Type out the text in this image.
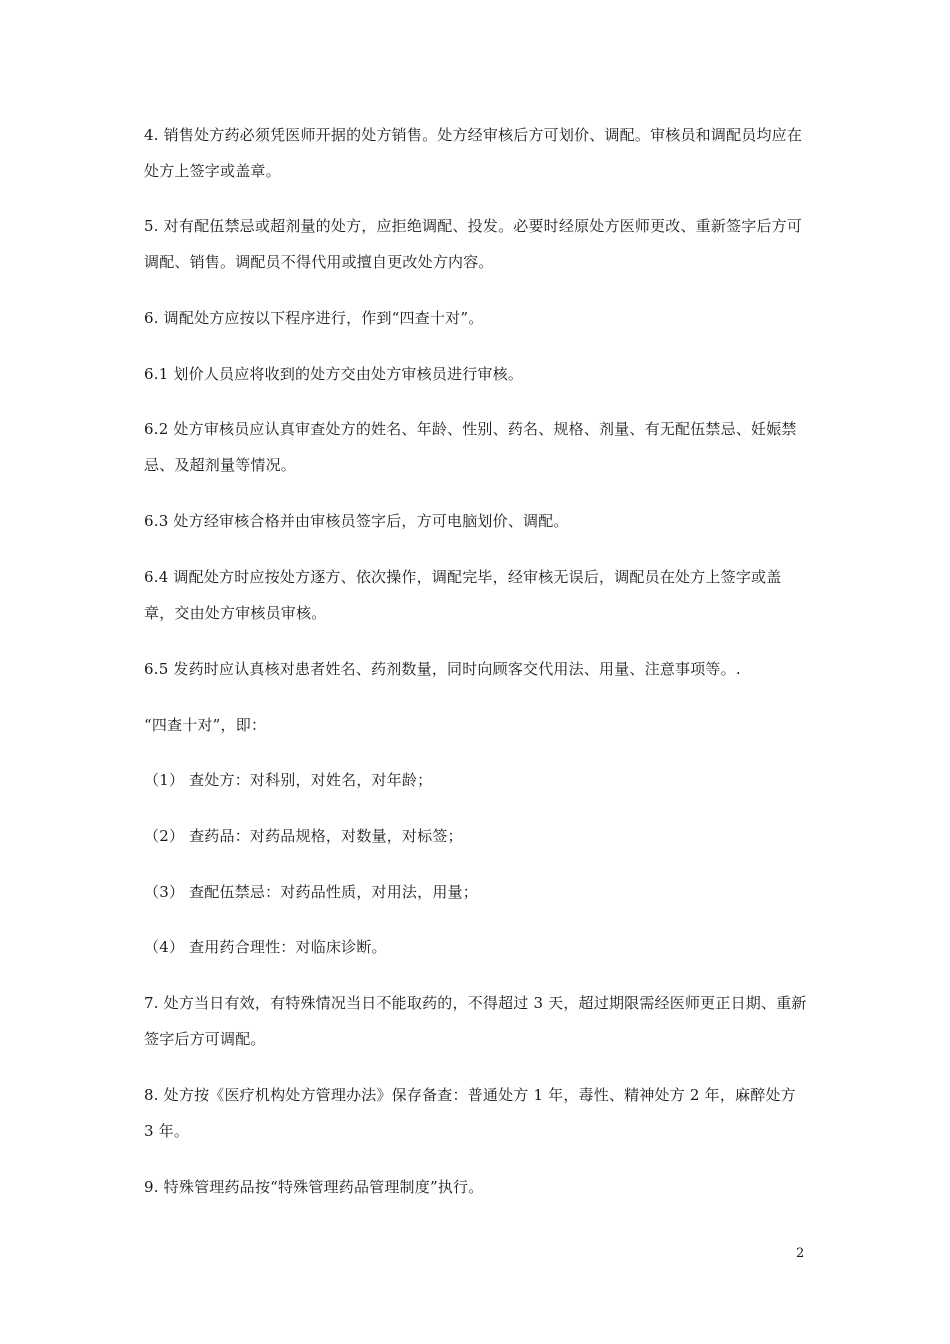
4. 销售处方药必须凭医师开据的处方销售。处方经审核后方可划价、调配。审核员和调配员均应在处方上签字或盖章。

5. 对有配伍禁忌或超剂量的处方，应拒绝调配、投发。必要时经原处方医师更改、重新签字后方可调配、销售。调配员不得代用或擅自更改处方内容。

6. 调配处方应按以下程序进行，作到“四查十对”。

6.1 划价人员应将收到的处方交由处方审核员进行审核。

6.2 处方审核员应认真审查处方的姓名、年龄、性别、药名、规格、剂量、有无配伍禁忌、妊娠禁忌、及超剂量等情况。

6.3 处方经审核合格并由审核员签字后，方可电脑划价、调配。

6.4 调配处方时应按处方逐方、依次操作，调配完毕，经审核无误后，调配员在处方上签字或盖章，交由处方审核员审核。

6.5 发药时应认真核对患者姓名、药剂数量，同时向顾客交代用法、用量、注意事项等。.

“四查十对”，即：

（1） 查处方：对科别，对姓名，对年龄；

（2） 查药品：对药品规格，对数量，对标签；

（3） 查配伍禁忌：对药品性质，对用法，用量；

（4） 查用药合理性：对临床诊断。

7. 处方当日有效，有特殊情况当日不能取药的，不得超过 3 天，超过期限需经医师更正日期、重新签字后方可调配。

8. 处方按《医疗机构处方管理办法》保存备查：普通处方 1 年，毒性、精神处方 2 年，麻醉处方 3 年。

9. 特殊管理药品按“特殊管理药品管理制度”执行。

2
